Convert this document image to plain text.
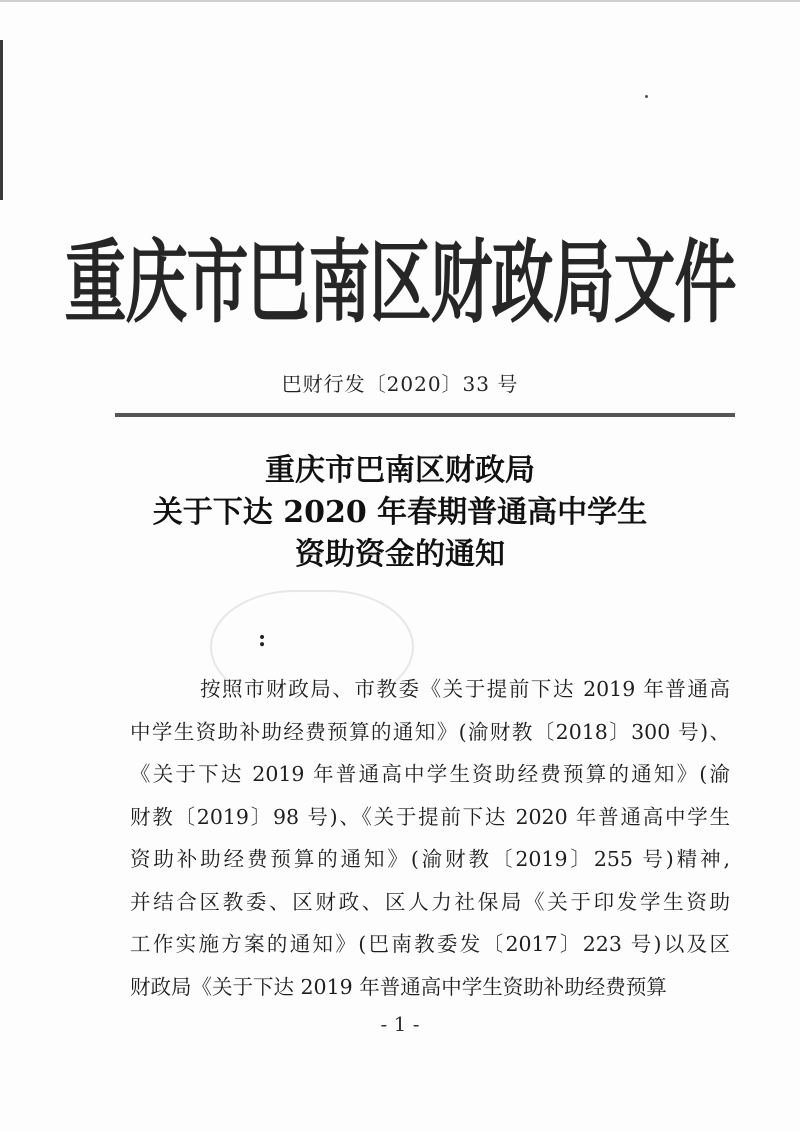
重庆市巴南区财政局文件
巴财行发〔2020〕33 号
重庆市巴南区财政局
关于下达 2020 年春期普通高中学生
资助资金的通知
:
按照市财政局、市教委《关于提前下达 2019 年普通高
中学生资助补助经费预算的通知》(渝财教〔2018〕300 号)、
《关于下达 2019 年普通高中学生资助经费预算的通知》(渝
财教〔2019〕98 号)、《关于提前下达 2020 年普通高中学生
资助补助经费预算的通知》(渝财教〔2019〕255 号)精神,
并结合区教委、区财政、区人力社保局《关于印发学生资助
工作实施方案的通知》(巴南教委发〔2017〕223 号)以及区
财政局《关于下达 2019 年普通高中学生资助补助经费预算
- 1 -
